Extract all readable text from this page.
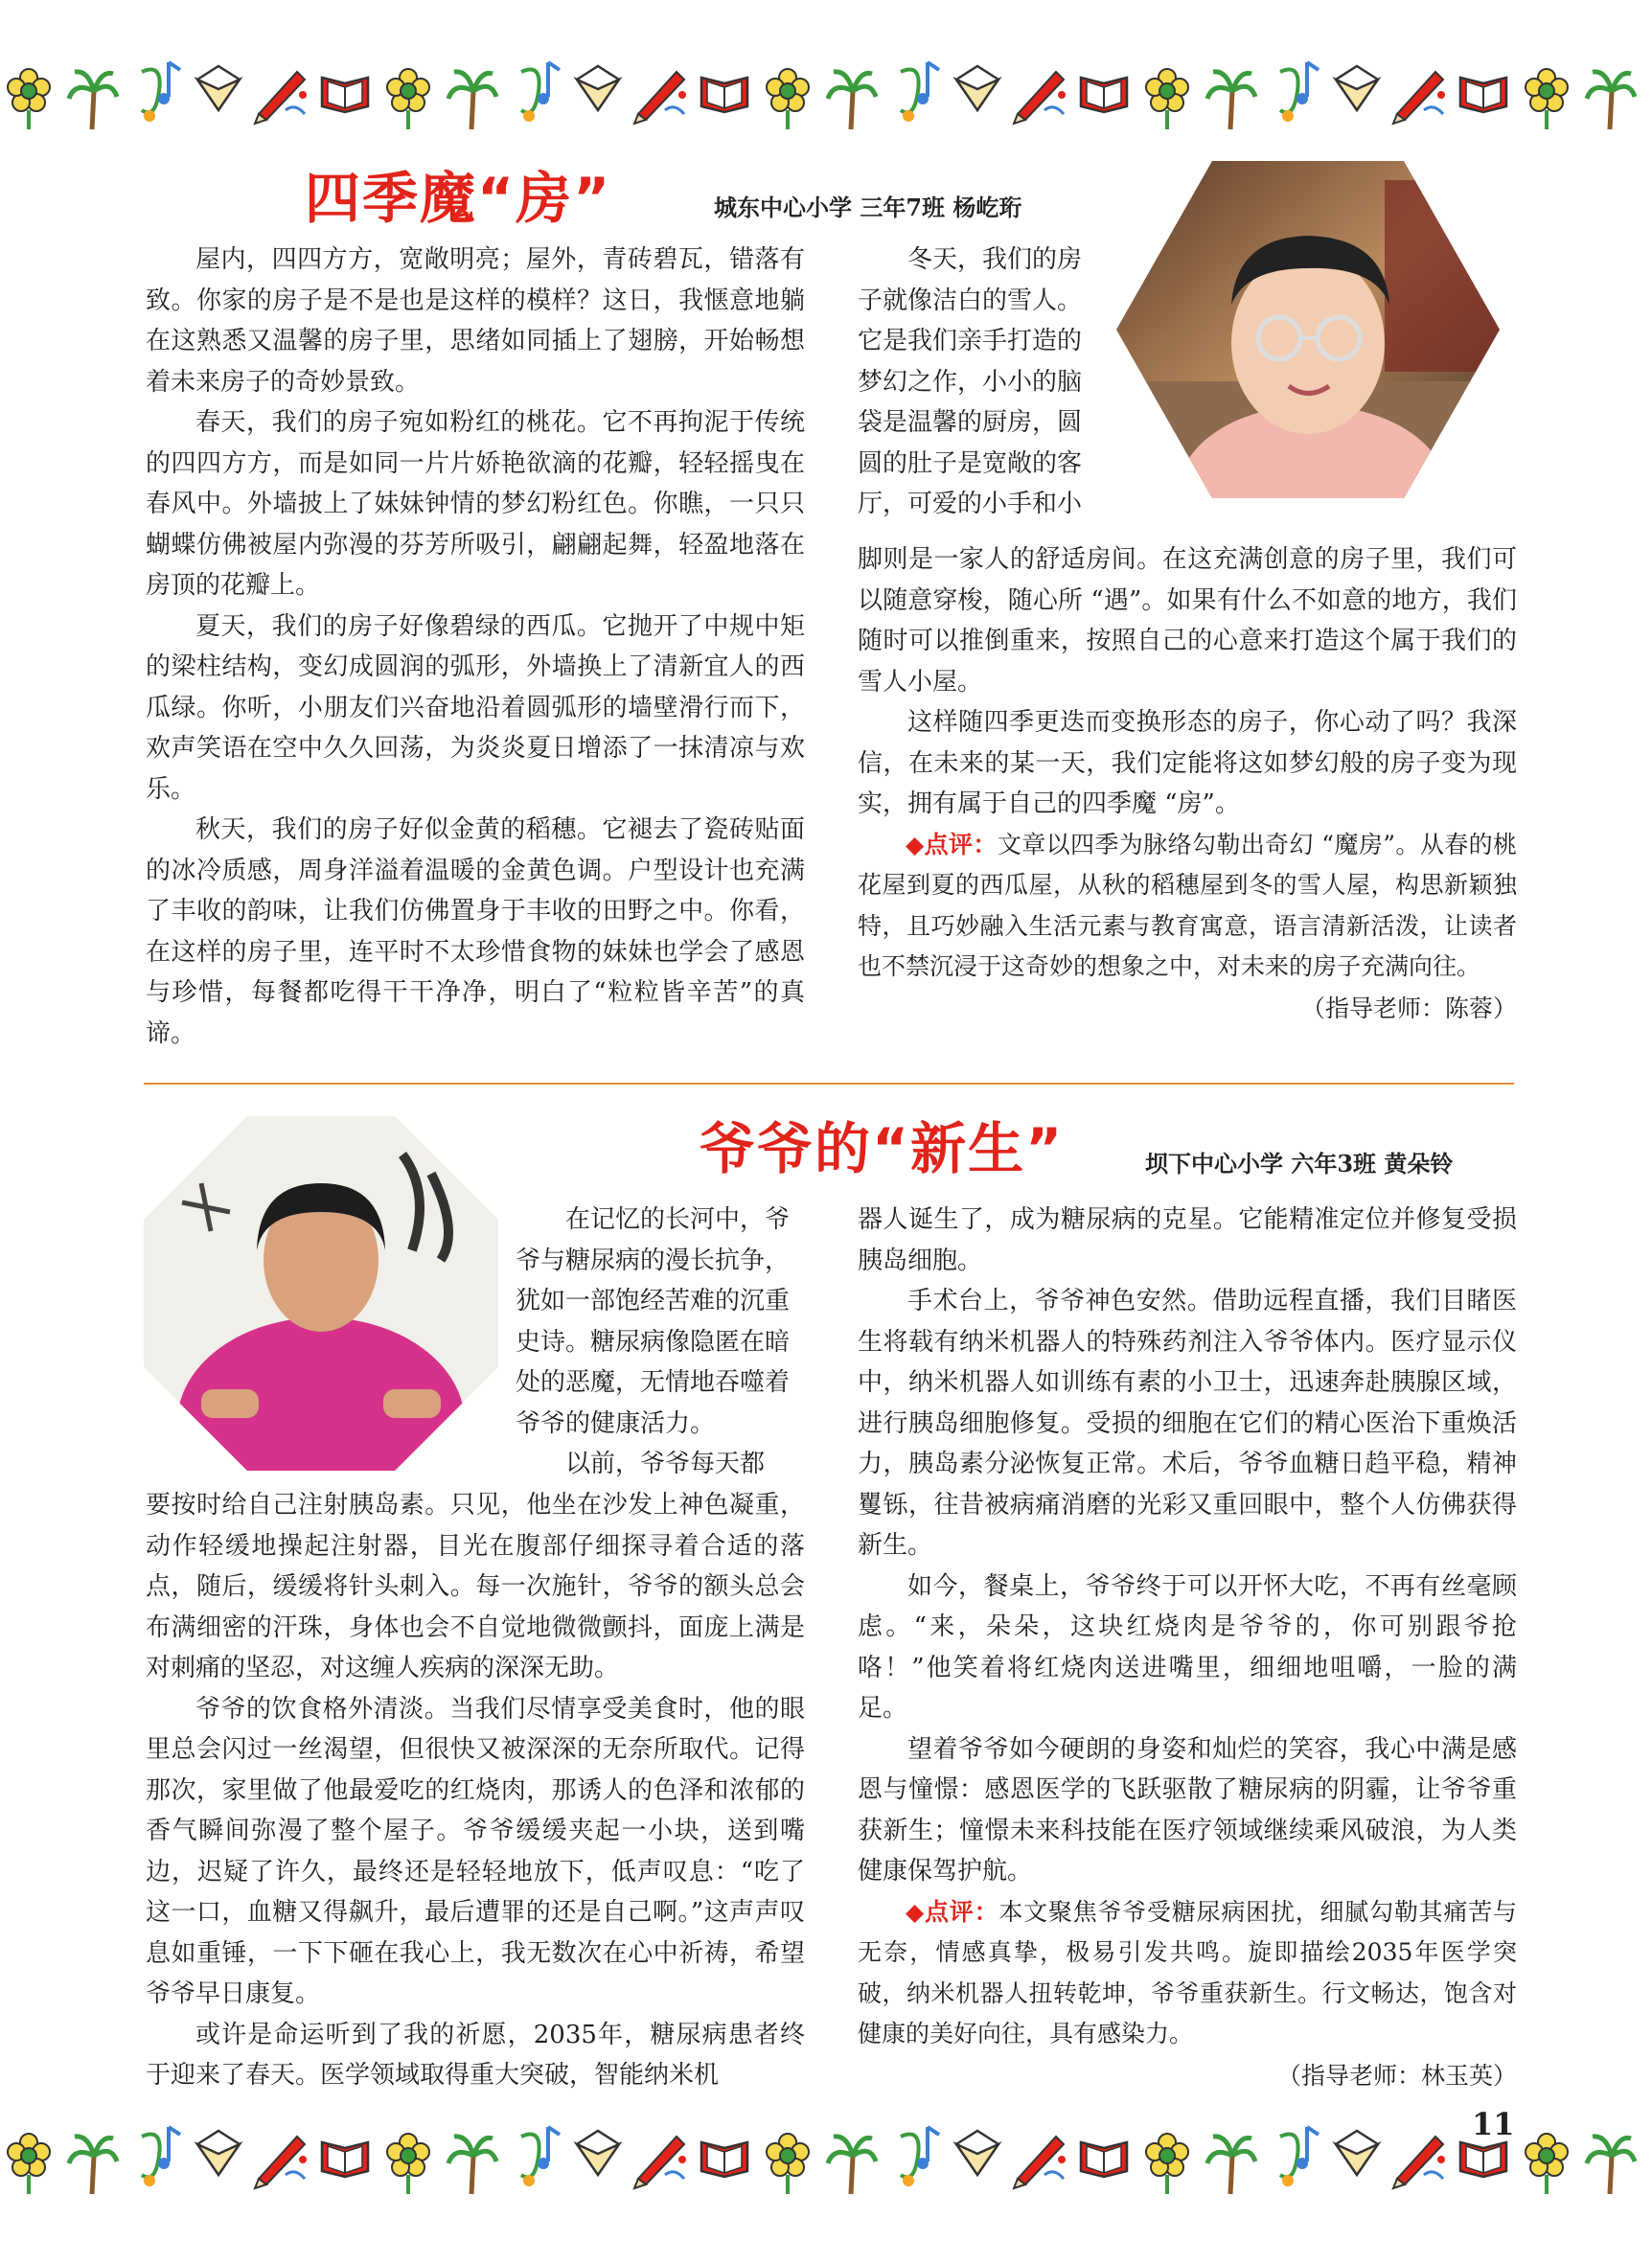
四季魔“房”	城东中心小学 三年7班 杨屹珩

屋内，四四方方，宽敞明亮；屋外，青砖碧瓦，错落有致。你家的房子是不是也是这样的模样？这日，我惬意地躺在这熟悉又温馨的房子里，思绪如同插上了翅膀，开始畅想着未来房子的奇妙景致。

春天，我们的房子宛如粉红的桃花。它不再拘泥于传统的四四方方，而是如同一片片娇艳欲滴的花瓣，轻轻摇曳在春风中。外墙披上了妹妹钟情的梦幻粉红色。你瞧，一只只蝴蝶仿佛被屋内弥漫的芬芳所吸引，翩翩起舞，轻盈地落在房顶的花瓣上。

夏天，我们的房子好像碧绿的西瓜。它抛开了中规中矩的梁柱结构，变幻成圆润的弧形，外墙换上了清新宜人的西瓜绿。你听，小朋友们兴奋地沿着圆弧形的墙壁滑行而下，欢声笑语在空中久久回荡，为炎炎夏日增添了一抹清凉与欢乐。

秋天，我们的房子好似金黄的稻穗。它褪去了瓷砖贴面的冰冷质感，周身洋溢着温暖的金黄色调。户型设计也充满了丰收的韵味，让我们仿佛置身于丰收的田野之中。你看，在这样的房子里，连平时不太珍惜食物的妹妹也学会了感恩与珍惜，每餐都吃得干干净净，明白了“粒粒皆辛苦”的真谛。

冬天，我们的房
子就像洁白的雪人。
它是我们亲手打造的
梦幻之作，小小的脑
袋是温馨的厨房，圆
圆的肚子是宽敞的客
厅，可爱的小手和小

脚则是一家人的舒适房间。在这充满创意的房子里，我们可以随意穿梭，随心所 “遇”。如果有什么不如意的地方，我们随时可以推倒重来，按照自己的心意来打造这个属于我们的雪人小屋。

这样随四季更迭而变换形态的房子，你心动了吗？我深信，在未来的某一天，我们定能将这如梦幻般的房子变为现实，拥有属于自己的四季魔 “房”。

◆点评：文章以四季为脉络勾勒出奇幻 “魔房”。从春的桃花屋到夏的西瓜屋，从秋的稻穗屋到冬的雪人屋，构思新颖独特，且巧妙融入生活元素与教育寓意，语言清新活泼，让读者也不禁沉浸于这奇妙的想象之中，对未来的房子充满向往。

（指导老师：陈蓉）

爷爷的“新生”	坝下中心小学 六年3班 黄朵铃
在记忆的长河中，爷
爷与糖尿病的漫长抗争，
犹如一部饱经苦难的沉重
史诗。糖尿病像隐匿在暗
处的恶魔，无情地吞噬着
爷爷的健康活力。
以前，爷爷每天都

要按时给自己注射胰岛素。只见，他坐在沙发上神色凝重，动作轻缓地操起注射器，目光在腹部仔细探寻着合适的落点，随后，缓缓将针头刺入。每一次施针，爷爷的额头总会布满细密的汗珠，身体也会不自觉地微微颤抖，面庞上满是对刺痛的坚忍，对这缠人疾病的深深无助。

爷爷的饮食格外清淡。当我们尽情享受美食时，他的眼里总会闪过一丝渴望，但很快又被深深的无奈所取代。记得那次，家里做了他最爱吃的红烧肉，那诱人的色泽和浓郁的香气瞬间弥漫了整个屋子。爷爷缓缓夹起一小块，送到嘴边，迟疑了许久，最终还是轻轻地放下，低声叹息：“吃了这一口，血糖又得飙升，最后遭罪的还是自己啊。”这声声叹息如重锤，一下下砸在我心上，我无数次在心中祈祷，希望爷爷早日康复。

或许是命运听到了我的祈愿，2035年，糖尿病患者终于迎来了春天。医学领域取得重大突破，智能纳米机

器人诞生了，成为糖尿病的克星。它能精准定位并修复受损胰岛细胞。

手术台上，爷爷神色安然。借助远程直播，我们目睹医生将载有纳米机器人的特殊药剂注入爷爷体内。医疗显示仪中，纳米机器人如训练有素的小卫士，迅速奔赴胰腺区域，进行胰岛细胞修复。受损的细胞在它们的精心医治下重焕活力，胰岛素分泌恢复正常。术后，爷爷血糖日趋平稳，精神矍铄，往昔被病痛消磨的光彩又重回眼中，整个人仿佛获得新生。

如今，餐桌上，爷爷终于可以开怀大吃，不再有丝毫顾虑。“来，朵朵，这块红烧肉是爷爷的，你可别跟爷抢咯！”他笑着将红烧肉送进嘴里，细细地咀嚼，一脸的满足。

望着爷爷如今硬朗的身姿和灿烂的笑容，我心中满是感恩与憧憬：感恩医学的飞跃驱散了糖尿病的阴霾，让爷爷重获新生；憧憬未来科技能在医疗领域继续乘风破浪，为人类健康保驾护航。

◆点评：本文聚焦爷爷受糖尿病困扰，细腻勾勒其痛苦与无奈，情感真挚，极易引发共鸣。旋即描绘2035年医学突破，纳米机器人扭转乾坤，爷爷重获新生。行文畅达，饱含对健康的美好向往，具有感染力。

（指导老师：林玉英）

11
